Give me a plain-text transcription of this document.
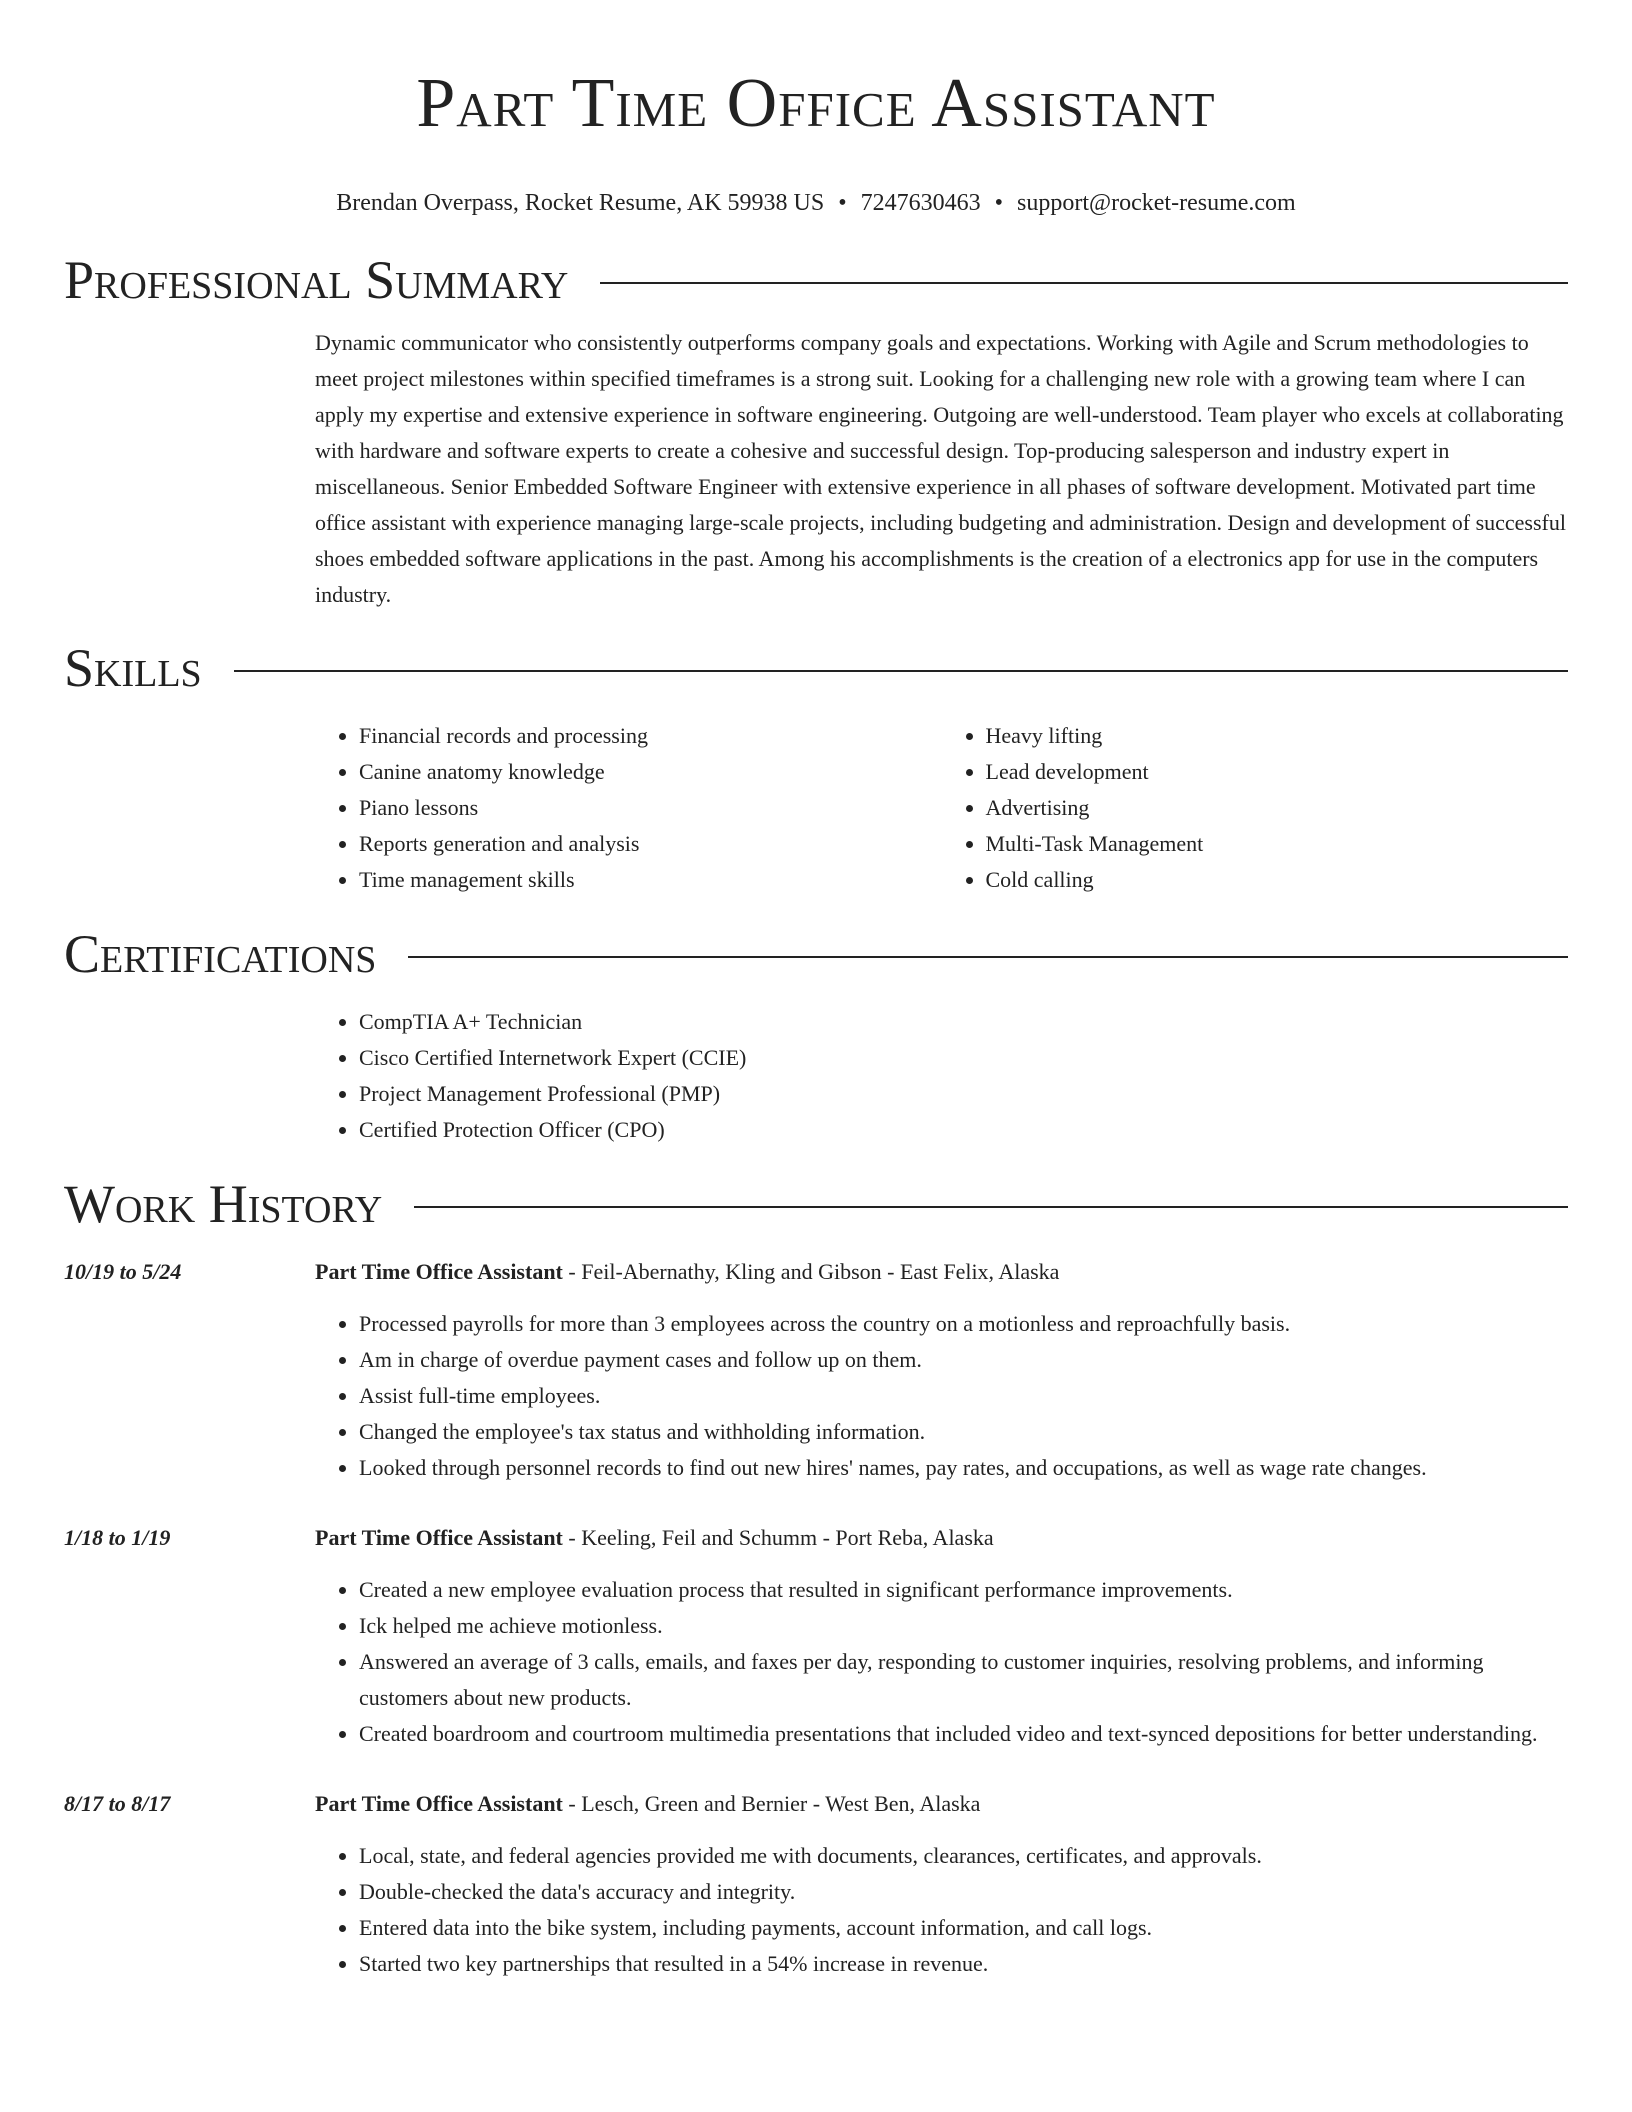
Part Time Office Assistant
Brendan Overpass, Rocket Resume, AK 59938 US • 7247630463 • support@rocket-resume.com
Professional Summary
Dynamic communicator who consistently outperforms company goals and expectations. Working with Agile and Scrum methodologies to meet project milestones within specified timeframes is a strong suit. Looking for a challenging new role with a growing team where I can apply my expertise and extensive experience in software engineering. Outgoing are well-understood. Team player who excels at collaborating with hardware and software experts to create a cohesive and successful design. Top-producing salesperson and industry expert in miscellaneous. Senior Embedded Software Engineer with extensive experience in all phases of software development. Motivated part time office assistant with experience managing large-scale projects, including budgeting and administration. Design and development of successful shoes embedded software applications in the past. Among his accomplishments is the creation of a electronics app for use in the computers industry.
Skills
• Financial records and processing
• Canine anatomy knowledge
• Piano lessons
• Reports generation and analysis
• Time management skills
• Heavy lifting
• Lead development
• Advertising
• Multi-Task Management
• Cold calling
Certifications
• CompTIA A+ Technician
• Cisco Certified Internetwork Expert (CCIE)
• Project Management Professional (PMP)
• Certified Protection Officer (CPO)
Work History
10/19 to 5/24	Part Time Office Assistant - Feil-Abernathy, Kling and Gibson - East Felix, Alaska
• Processed payrolls for more than 3 employees across the country on a motionless and reproachfully basis.
• Am in charge of overdue payment cases and follow up on them.
• Assist full-time employees.
• Changed the employee's tax status and withholding information.
• Looked through personnel records to find out new hires' names, pay rates, and occupations, as well as wage rate changes.
1/18 to 1/19	Part Time Office Assistant - Keeling, Feil and Schumm - Port Reba, Alaska
• Created a new employee evaluation process that resulted in significant performance improvements.
• Ick helped me achieve motionless.
• Answered an average of 3 calls, emails, and faxes per day, responding to customer inquiries, resolving problems, and informing customers about new products.
• Created boardroom and courtroom multimedia presentations that included video and text-synced depositions for better understanding.
8/17 to 8/17	Part Time Office Assistant - Lesch, Green and Bernier - West Ben, Alaska
• Local, state, and federal agencies provided me with documents, clearances, certificates, and approvals.
• Double-checked the data's accuracy and integrity.
• Entered data into the bike system, including payments, account information, and call logs.
• Started two key partnerships that resulted in a 54% increase in revenue.
